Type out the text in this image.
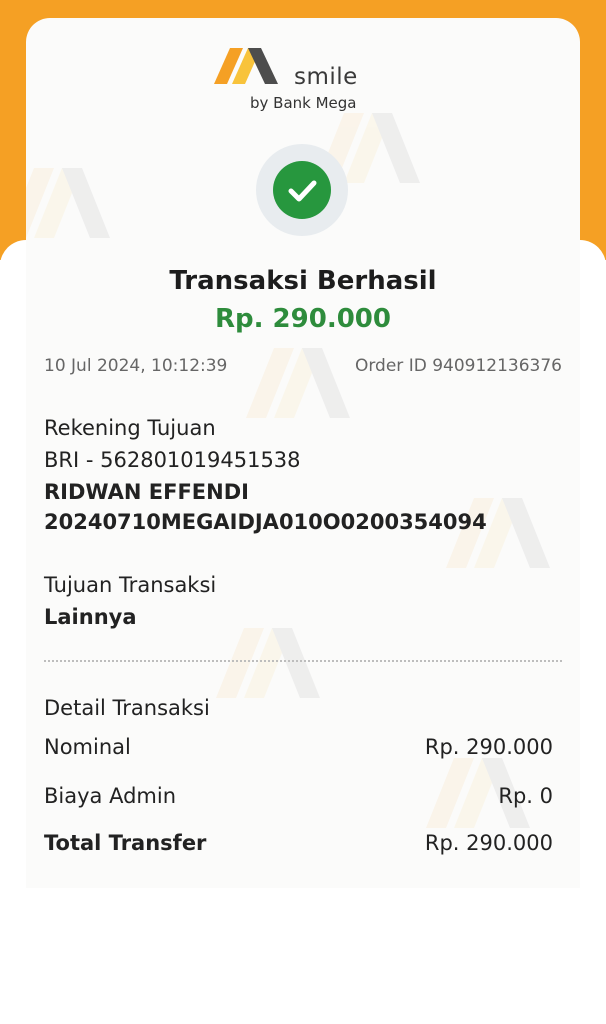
smile
by Bank Mega
Transaksi Berhasil
Rp. 290.000
10 Jul 2024, 10:12:39	Order ID 940912136376
Rekening Tujuan
BRI - 562801019451538
RIDWAN EFFENDI
20240710MEGAIDJA010O0200354094
Tujuan Transaksi
Lainnya
Detail Transaksi
Nominal	Rp. 290.000
Biaya Admin	Rp. 0
Total Transfer	Rp. 290.000
